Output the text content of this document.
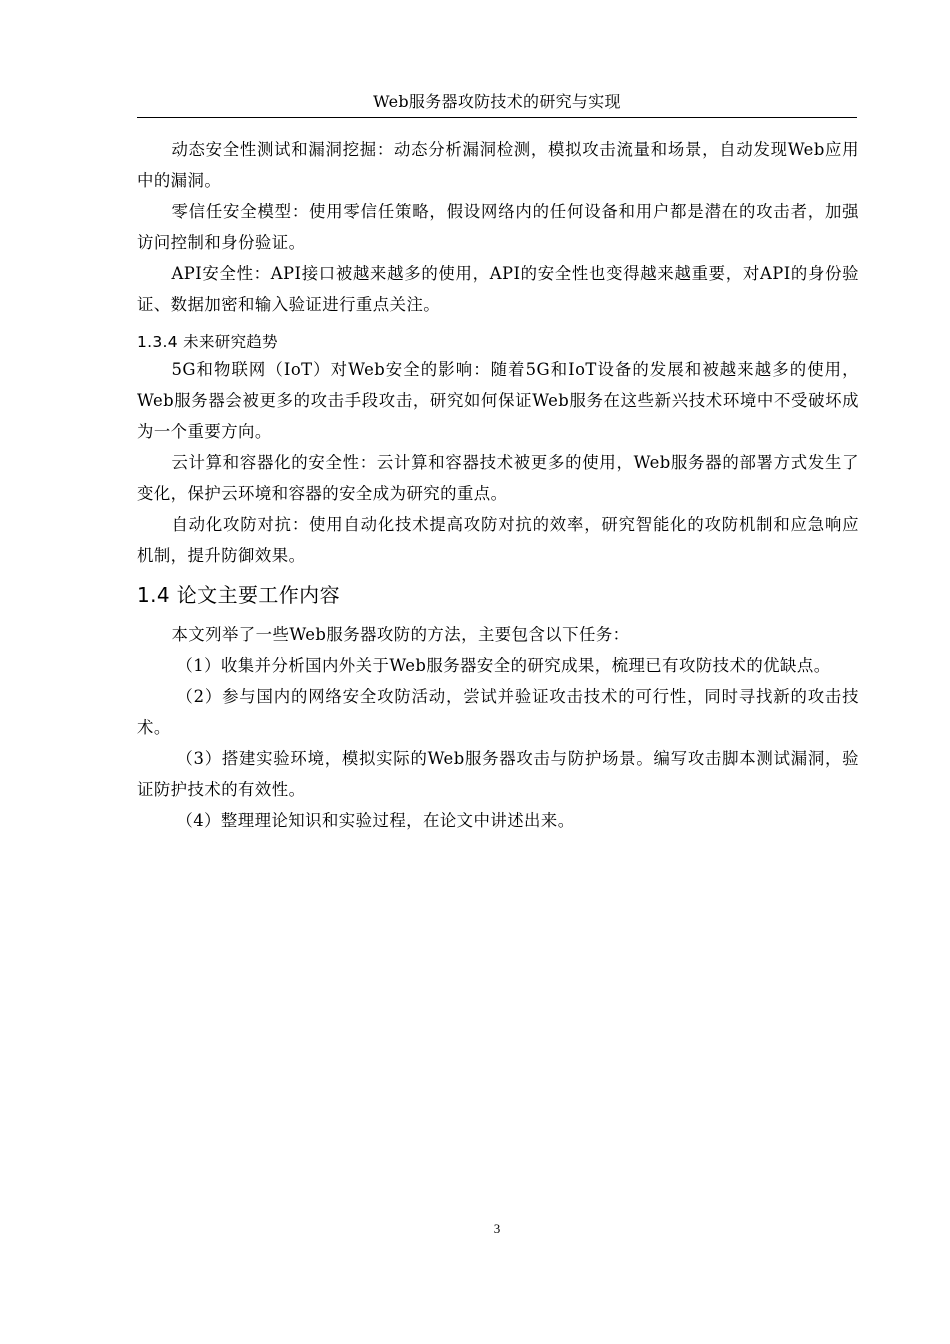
Web服务器攻防技术的研究与实现

动态安全性测试和漏洞挖掘：动态分析漏洞检测，模拟攻击流量和场景，自动发现Web应用中的漏洞。

零信任安全模型：使用零信任策略，假设网络内的任何设备和用户都是潜在的攻击者，加强访问控制和身份验证。

API安全性：API接口被越来越多的使用，API的安全性也变得越来越重要，对API的身份验证、数据加密和输入验证进行重点关注。

1.3.4 未来研究趋势

5G和物联网（IoT）对Web安全的影响：随着5G和IoT设备的发展和被越来越多的使用，Web服务器会被更多的攻击手段攻击，研究如何保证Web服务在这些新兴技术环境中不受破坏成为一个重要方向。

云计算和容器化的安全性：云计算和容器技术被更多的使用，Web服务器的部署方式发生了变化，保护云环境和容器的安全成为研究的重点。

自动化攻防对抗：使用自动化技术提高攻防对抗的效率，研究智能化的攻防机制和应急响应机制，提升防御效果。

1.4 论文主要工作内容

本文列举了一些Web服务器攻防的方法，主要包含以下任务：

（1）收集并分析国内外关于Web服务器安全的研究成果，梳理已有攻防技术的优缺点。

（2）参与国内的网络安全攻防活动，尝试并验证攻击技术的可行性，同时寻找新的攻击技术。

（3）搭建实验环境，模拟实际的Web服务器攻击与防护场景。编写攻击脚本测试漏洞，验证防护技术的有效性。

（4）整理理论知识和实验过程，在论文中讲述出来。

3
